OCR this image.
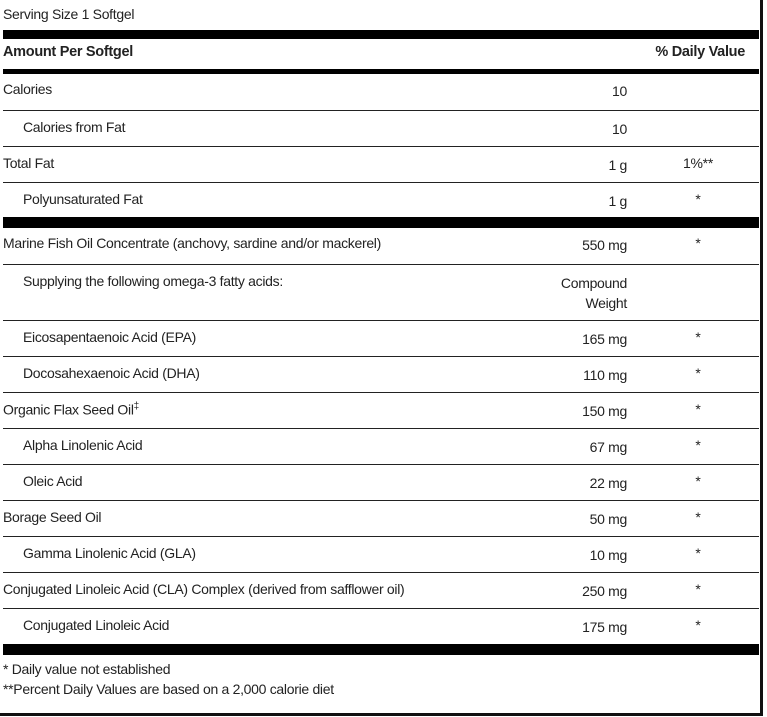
Serving Size 1 Softgel
Amount Per Softgel	% Daily Value
Calories	10
Calories from Fat	10
Total Fat	1 g	1%**
Polyunsaturated Fat	1 g	*
Marine Fish Oil Concentrate (anchovy, sardine and/or mackerel)	550 mg	*
Supplying the following omega-3 fatty acids:	Compound
Weight
Eicosapentaenoic Acid (EPA)	165 mg	*
Docosahexaenoic Acid (DHA)	110 mg	*
Organic Flax Seed Oil‡	150 mg	*
Alpha Linolenic Acid	67 mg	*
Oleic Acid	22 mg	*
Borage Seed Oil	50 mg	*
Gamma Linolenic Acid (GLA)	10 mg	*
Conjugated Linoleic Acid (CLA) Complex (derived from safflower oil)	250 mg	*
Conjugated Linoleic Acid	175 mg	*
* Daily value not established
**Percent Daily Values are based on a 2,000 calorie diet
